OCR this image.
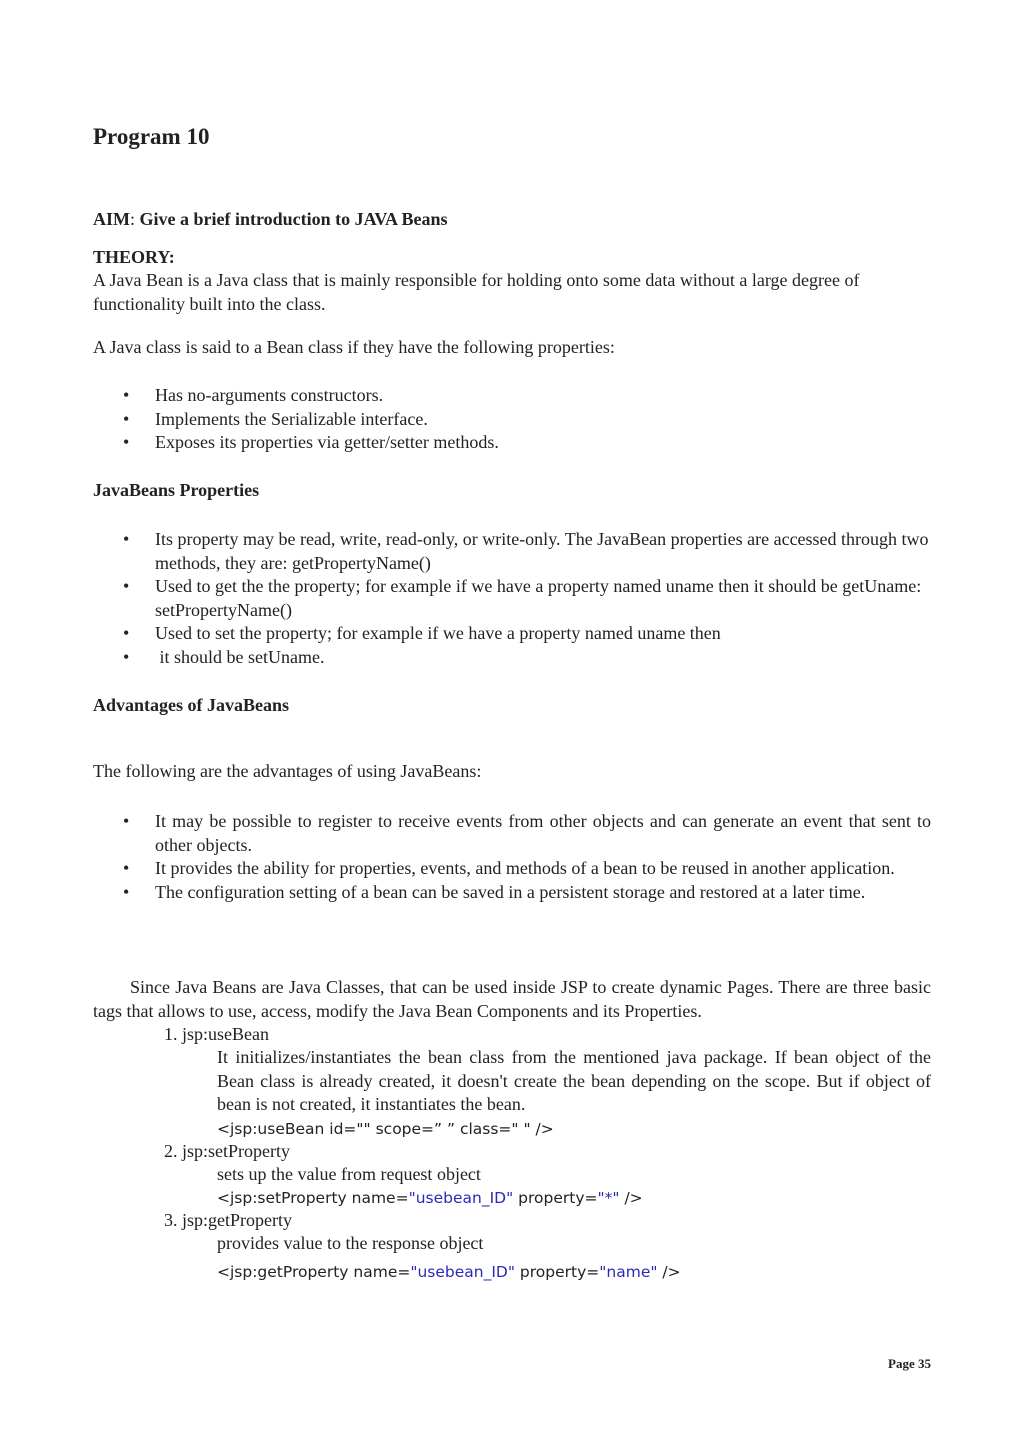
Program 10

AIM: Give a brief introduction to JAVA Beans

THEORY:

A Java Bean is a Java class that is mainly responsible for holding onto some data without a large degree of functionality built into the class.

A Java class is said to a Bean class if they have the following properties:

• Has no-arguments constructors.
• Implements the Serializable interface.
• Exposes its properties via getter/setter methods.

JavaBeans Properties

• Its property may be read, write, read-only, or write-only. The JavaBean properties are accessed through two methods, they are: getPropertyName()
• Used to get the the property; for example if we have a property named uname then it should be getUname: setPropertyName()
• Used to set the property; for example if we have a property named uname then
• it should be setUname.

Advantages of JavaBeans

The following are the advantages of using JavaBeans:

• It may be possible to register to receive events from other objects and can generate an event that sent to other objects.
• It provides the ability for properties, events, and methods of a bean to be reused in another application.
• The configuration setting of a bean can be saved in a persistent storage and restored at a later time.

Since Java Beans are Java Classes, that can be used inside JSP to create dynamic Pages. There are three basic tags that allows to use, access, modify the Java Bean Components and its Properties.

1. jsp:useBean
It initializes/instantiates the bean class from the mentioned java package. If bean object of the Bean class is already created, it doesn't create the bean depending on the scope. But if object of bean is not created, it instantiates the bean.
<jsp:useBean id="" scope=” ” class=" " />
2. jsp:setProperty
sets up the value from request object
<jsp:setProperty name="usebean_ID" property="*" />
3. jsp:getProperty
provides value to the response object
<jsp:getProperty name="usebean_ID" property="name" />
Page 35
